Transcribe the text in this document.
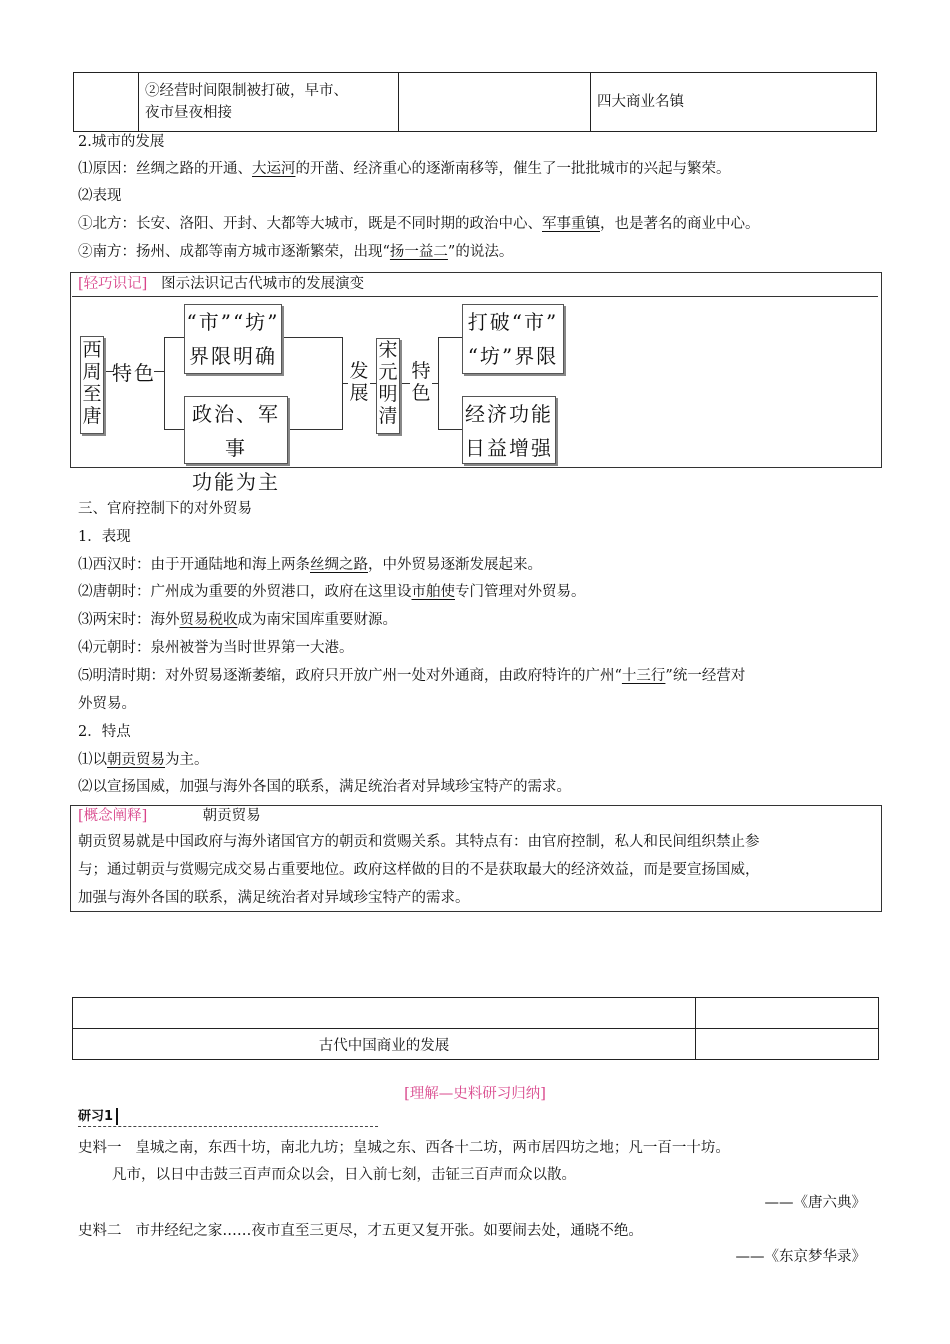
②经营时间限制被打破，早市、
夜市昼夜相接
		四大商业名镇
2.城市的发展
⑴原因：丝绸之路的开通、大运河的开凿、经济重心的逐渐南移等，催生了一批批城市的兴起与繁荣。
⑵表现
①北方：长安、洛阳、开封、大都等大城市，既是不同时期的政治中心、军事重镇，也是著名的商业中心。
②南方：扬州、成都等南方城市逐渐繁荣，出现“扬一益二”的说法。
[轻巧识记] 图示法识记古代城市的发展演变
西
周
至
唐
特色
“市”“坊”
界限明确
政治、军事
功能为主
发
展
宋
元
明
清
特
色
打破“市”
“坊”界限
经济功能
日益增强
三、官府控制下的对外贸易
1．表现
⑴西汉时：由于开通陆地和海上两条丝绸之路，中外贸易逐渐发展起来。
⑵唐朝时：广州成为重要的外贸港口，政府在这里设市舶使专门管理对外贸易。
⑶两宋时：海外贸易税收成为南宋国库重要财源。
⑷元朝时：泉州被誉为当时世界第一大港。
⑸明清时期：对外贸易逐渐萎缩，政府只开放广州一处对外通商，由政府特许的广州“十三行”统一经营对
外贸易。
2．特点
⑴以朝贡贸易为主。
⑵以宣扬国威，加强与海外各国的联系，满足统治者对异域珍宝特产的需求。
[概念阐释]	朝贡贸易
朝贡贸易就是中国政府与海外诸国官方的朝贡和赏赐关系。其特点有：由官府控制，私人和民间组织禁止参
与；通过朝贡与赏赐完成交易占重要地位。政府这样做的目的不是获取最大的经济效益，而是要宣扬国威，
加强与海外各国的联系，满足统治者对异域珍宝特产的需求。

古代中国商业的发展	
[理解—史料研习归纳]
研习1
史料一 皇城之南，东西十坊，南北九坊；皇城之东、西各十二坊，两市居四坊之地；凡一百一十坊。
凡市，以日中击鼓三百声而众以会，日入前七刻，击钲三百声而众以散。
——《唐六典》
史料二 市井经纪之家……夜市直至三更尽，才五更又复开张。如要闹去处，通晓不绝。
——《东京梦华录》
